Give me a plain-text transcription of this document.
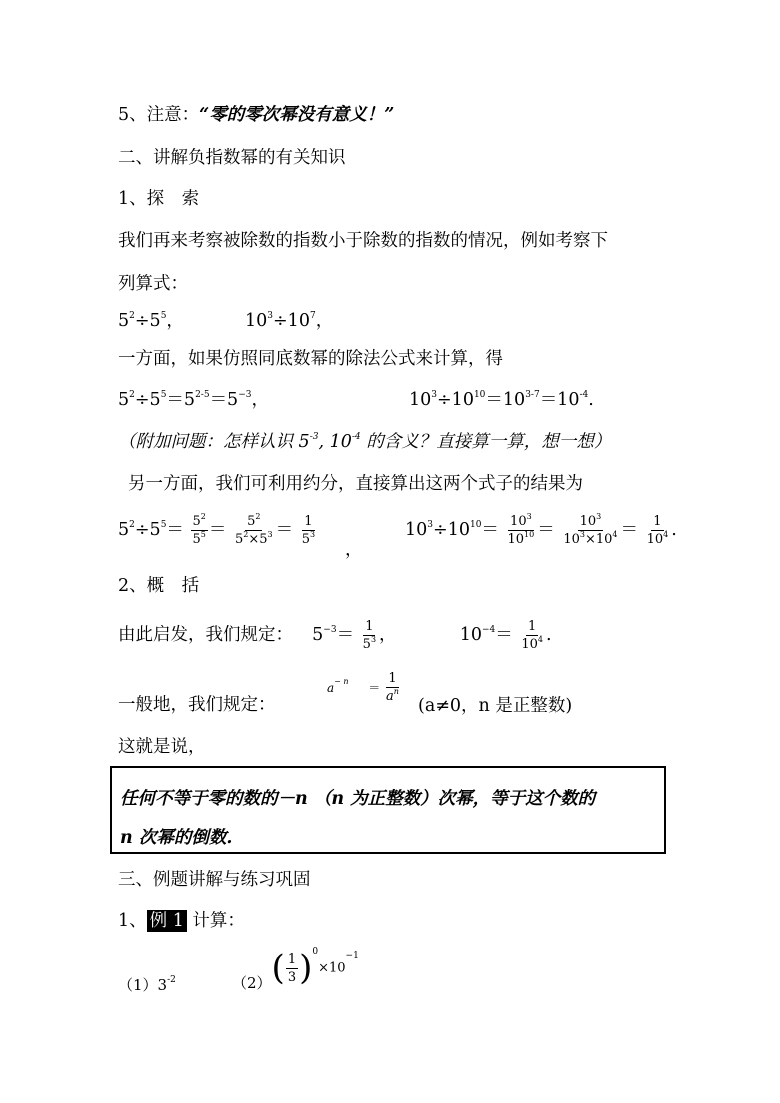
5、注意：“零的零次幂没有意义！”
二、讲解负指数幂的有关知识
1、探　索
我们再来考察被除数的指数小于除数的指数的情况，例如考察下
列算式：
$5^2\div 5^5$，	$10^3\div 10^7$，
一方面，如果仿照同底数幂的除法公式来计算，得
$5^2\div 5^5=5^{2-5}=5^{-3}$，	$10^3\div 10^{10}=10^{3-7}=10^{-4}$.
（附加问题：怎样认识 $5^{-3}$, $10^{-4}$ 的含义？直接算一算，想一想）
另一方面，我们可利用约分，直接算出这两个式子的结果为
$5^2\div 5^5= \frac{5^2}{5^5} = \frac{5^2}{5^2\times 5^3} = \frac{1}{5^3}$
，
$10^3\div 10^{10}= \frac{10^3}{10^{10}} = \frac{10^3}{10^3\times 10^4} = \frac{1}{10^4}$ .
2、概　括
由此启发，我们规定： $5^{-3}= \frac{1}{5^3}$ ，	$10^{-4}= \frac{1}{10^4}$ .
一般地，我们规定：
$a^{- n} = \frac{1}{a^n}$
(a≠0，n 是正整数)
这就是说，
任何不等于零的数的－n （n 为正整数）次幂，等于这个数的
n 次幂的倒数.
三、例题讲解与练习巩固
1、 例 1 计算：
$(1)3^{-2}$	$(2)( \frac{1}{3} )^0\times 10^{-1}$
